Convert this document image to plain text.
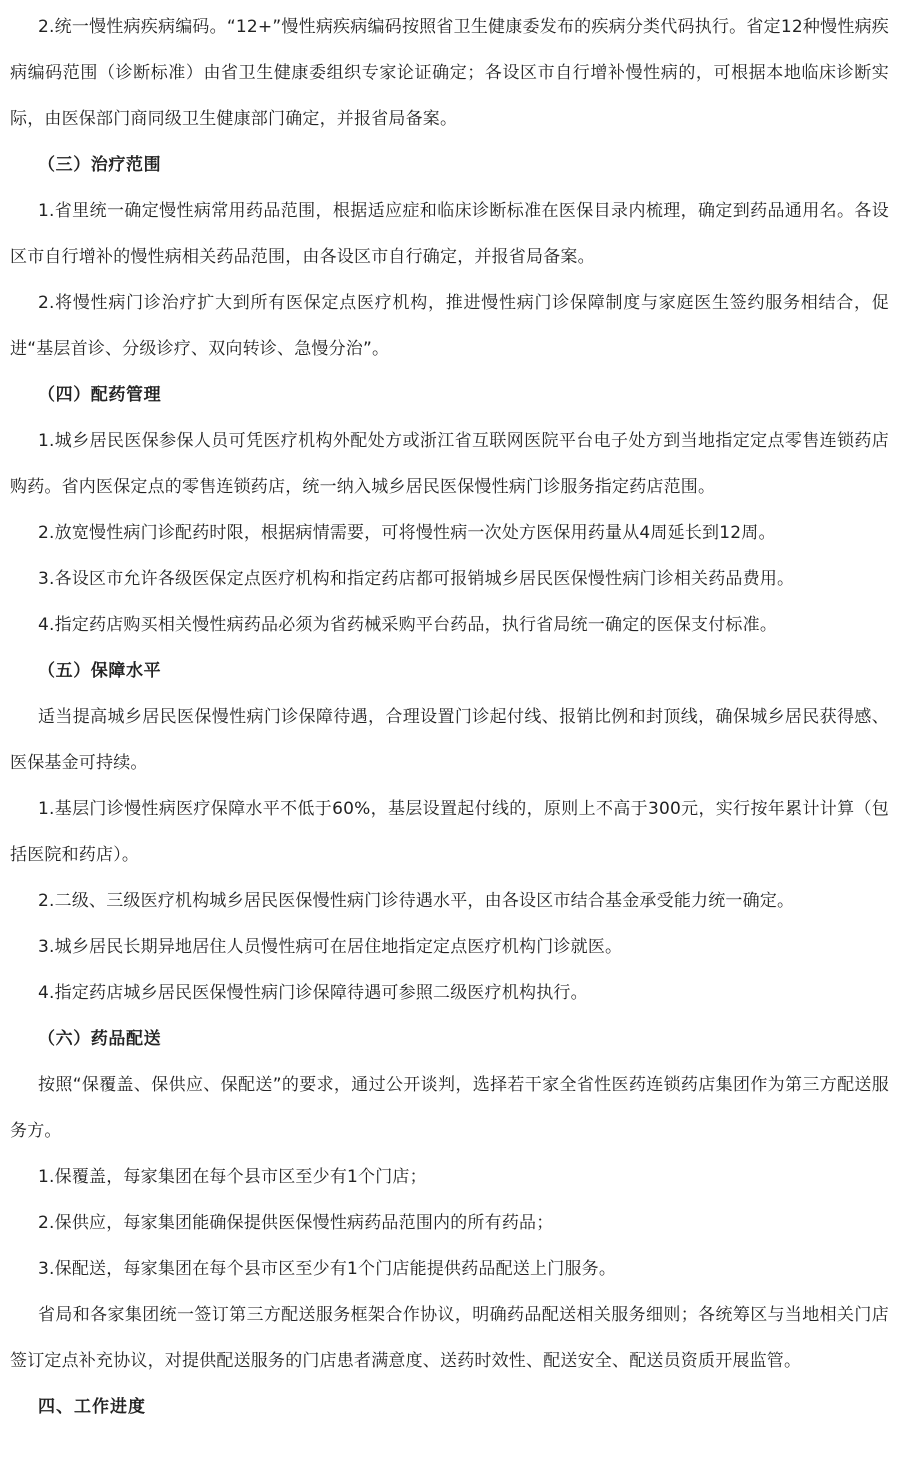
2.统一慢性病疾病编码。“12+”慢性病疾病编码按照省卫生健康委发布的疾病分类代码执行。省定12种慢性病疾病编码范围（诊断标准）由省卫生健康委组织专家论证确定；各设区市自行增补慢性病的，可根据本地临床诊断实际，由医保部门商同级卫生健康部门确定，并报省局备案。

（三）治疗范围

1.省里统一确定慢性病常用药品范围，根据适应症和临床诊断标准在医保目录内梳理，确定到药品通用名。各设区市自行增补的慢性病相关药品范围，由各设区市自行确定，并报省局备案。

2.将慢性病门诊治疗扩大到所有医保定点医疗机构，推进慢性病门诊保障制度与家庭医生签约服务相结合，促进“基层首诊、分级诊疗、双向转诊、急慢分治”。

（四）配药管理

1.城乡居民医保参保人员可凭医疗机构外配处方或浙江省互联网医院平台电子处方到当地指定定点零售连锁药店购药。省内医保定点的零售连锁药店，统一纳入城乡居民医保慢性病门诊服务指定药店范围。

2.放宽慢性病门诊配药时限，根据病情需要，可将慢性病一次处方医保用药量从4周延长到12周。

3.各设区市允许各级医保定点医疗机构和指定药店都可报销城乡居民医保慢性病门诊相关药品费用。

4.指定药店购买相关慢性病药品必须为省药械采购平台药品，执行省局统一确定的医保支付标准。

（五）保障水平

适当提高城乡居民医保慢性病门诊保障待遇，合理设置门诊起付线、报销比例和封顶线，确保城乡居民获得感、医保基金可持续。

1.基层门诊慢性病医疗保障水平不低于60%，基层设置起付线的，原则上不高于300元，实行按年累计计算（包括医院和药店）。

2.二级、三级医疗机构城乡居民医保慢性病门诊待遇水平，由各设区市结合基金承受能力统一确定。

3.城乡居民长期异地居住人员慢性病可在居住地指定定点医疗机构门诊就医。

4.指定药店城乡居民医保慢性病门诊保障待遇可参照二级医疗机构执行。

（六）药品配送

按照“保覆盖、保供应、保配送”的要求，通过公开谈判，选择若干家全省性医药连锁药店集团作为第三方配送服务方。

1.保覆盖，每家集团在每个县市区至少有1个门店；

2.保供应，每家集团能确保提供医保慢性病药品范围内的所有药品；

3.保配送，每家集团在每个县市区至少有1个门店能提供药品配送上门服务。

省局和各家集团统一签订第三方配送服务框架合作协议，明确药品配送相关服务细则；各统筹区与当地相关门店签订定点补充协议，对提供配送服务的门店患者满意度、送药时效性、配送安全、配送员资质开展监管。

四、工作进度
